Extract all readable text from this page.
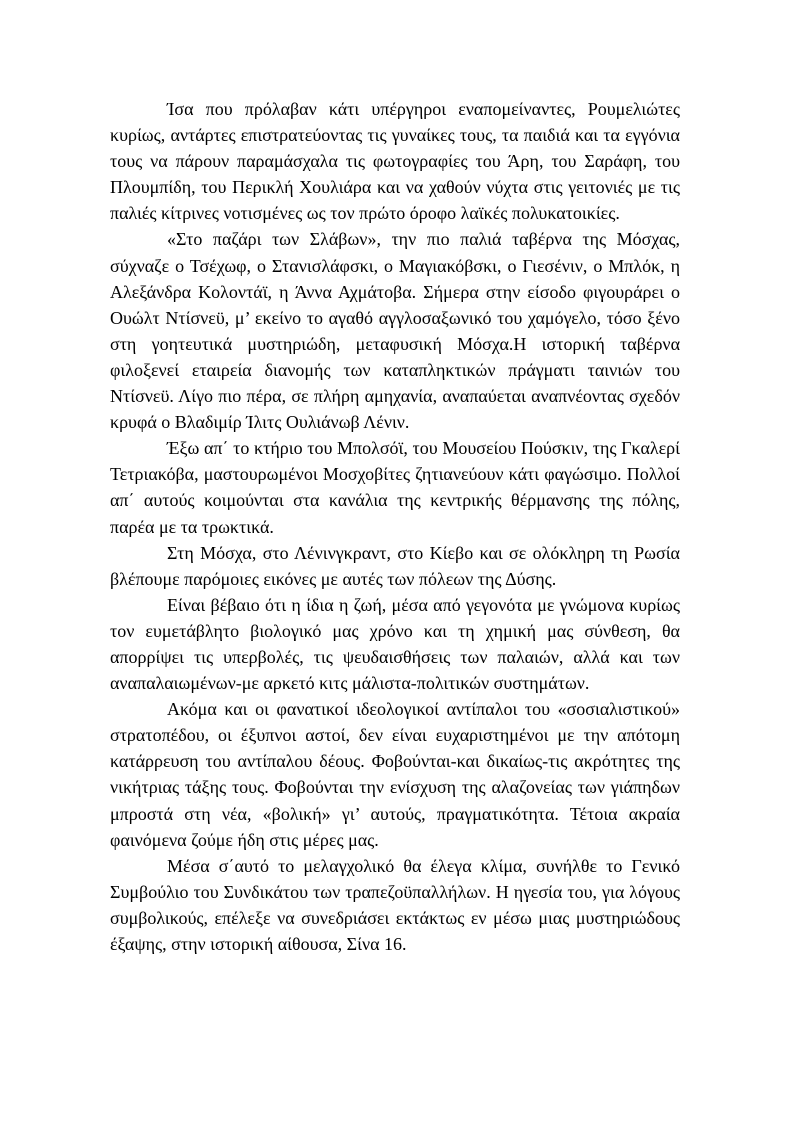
Ίσα που πρόλαβαν κάτι υπέργηροι εναπομείναντες, Ρουμελιώτες κυρίως, αντάρτες επιστρατεύοντας τις γυναίκες τους, τα παιδιά και τα εγγόνια τους να πάρουν παραμάσχαλα τις φωτογραφίες του Άρη, του Σαράφη, του Πλουμπίδη, του Περικλή Χουλιάρα και να χαθούν νύχτα στις γειτονιές με τις παλιές κίτρινες νοτισμένες ως τον πρώτο όροφο λαϊκές πολυκατοικίες.

«Στο παζάρι των Σλάβων», την πιο παλιά ταβέρνα της Μόσχας, σύχναζε ο Τσέχωφ, ο Στανισλάφσκι, ο Μαγιακόβσκι, ο Γιεσένιν, ο Μπλόκ, η Αλεξάνδρα Κολοντάϊ, η Άννα Αχμάτοβα. Σήμερα στην είσοδο φιγουράρει ο Ουώλτ Ντίσνεϋ, μ’ εκείνο το αγαθό αγγλοσαξωνικό του χαμόγελο, τόσο ξένο στη γοητευτικά μυστηριώδη, μεταφυσική Μόσχα.Η ιστορική ταβέρνα φιλοξενεί εταιρεία διανομής των καταπληκτικών πράγματι ταινιών του Ντίσνεϋ. Λίγο πιο πέρα, σε πλήρη αμηχανία, αναπαύεται αναπνέοντας σχεδόν κρυφά ο Βλαδιμίρ Ίλιτς Ουλιάνωβ Λένιν.

Έξω απ΄ το κτήριο του Μπολσόϊ, του Μουσείου Πούσκιν, της Γκαλερί Τετριακόβα, μαστουρωμένοι Μοσχοβίτες ζητιανεύουν κάτι φαγώσιμο. Πολλοί απ΄ αυτούς κοιμούνται στα κανάλια της κεντρικής θέρμανσης της πόλης, παρέα με τα τρωκτικά.

Στη Μόσχα, στο Λένινγκραντ, στο Κίεβο και σε ολόκληρη τη Ρωσία βλέπουμε παρόμοιες εικόνες με αυτές των πόλεων της Δύσης.

Είναι βέβαιο ότι η ίδια η ζωή, μέσα από γεγονότα με γνώμονα κυρίως τον ευμετάβλητο βιολογικό μας χρόνο και τη χημική μας σύνθεση, θα απορρίψει τις υπερβολές, τις ψευδαισθήσεις των παλαιών, αλλά και των αναπαλαιωμένων-με αρκετό κιτς μάλιστα-πολιτικών συστημάτων.

Ακόμα και οι φανατικοί ιδεολογικοί αντίπαλοι του «σοσιαλιστικού» στρατοπέδου, οι έξυπνοι αστοί, δεν είναι ευχαριστημένοι με την απότομη κατάρρευση του αντίπαλου δέους. Φοβούνται-και δικαίως-τις ακρότητες της νικήτριας τάξης τους. Φοβούνται την ενίσχυση της αλαζονείας των γιάπηδων μπροστά στη νέα, «βολική» γι’ αυτούς, πραγματικότητα. Τέτοια ακραία φαινόμενα ζούμε ήδη στις μέρες μας.

Μέσα σ΄αυτό το μελαγχολικό θα έλεγα κλίμα, συνήλθε το Γενικό Συμβούλιο του Συνδικάτου των τραπεζοϋπαλλήλων. Η ηγεσία του, για λόγους συμβολικούς, επέλεξε να συνεδριάσει εκτάκτως εν μέσω μιας μυστηριώδους έξαψης, στην ιστορική αίθουσα, Σίνα 16.
